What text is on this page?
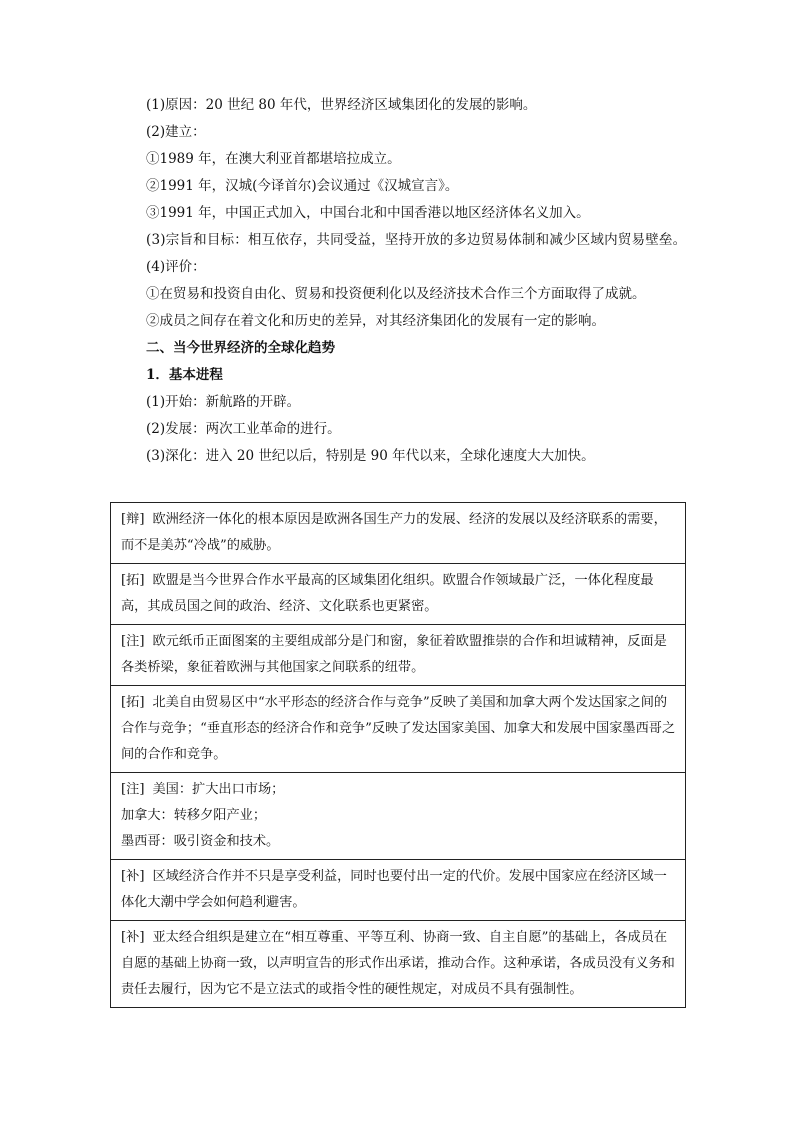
(1)原因：20 世纪 80 年代，世界经济区域集团化的发展的影响。

(2)建立：

①1989 年，在澳大利亚首都堪培拉成立。

②1991 年，汉城(今译首尔)会议通过《汉城宣言》。

③1991 年，中国正式加入，中国台北和中国香港以地区经济体名义加入。

(3)宗旨和目标：相互依存，共同受益，坚持开放的多边贸易体制和减少区域内贸易壁垒。

(4)评价：

①在贸易和投资自由化、贸易和投资便利化以及经济技术合作三个方面取得了成就。

②成员之间存在着文化和历史的差异，对其经济集团化的发展有一定的影响。

二、当今世界经济的全球化趋势

1．基本进程

(1)开始：新航路的开辟。

(2)发展：两次工业革命的进行。

(3)深化：进入 20 世纪以后，特别是 90 年代以来，全球化速度大大加快。

[辩] 欧洲经济一体化的根本原因是欧洲各国生产力的发展、经济的发展以及经济联系的需要，而不是美苏“冷战”的威胁。
[拓] 欧盟是当今世界合作水平最高的区域集团化组织。欧盟合作领域最广泛，一体化程度最高，其成员国之间的政治、经济、文化联系也更紧密。
[注] 欧元纸币正面图案的主要组成部分是门和窗，象征着欧盟推崇的合作和坦诚精神，反面是各类桥梁，象征着欧洲与其他国家之间联系的纽带。
[拓] 北美自由贸易区中“水平形态的经济合作与竞争”反映了美国和加拿大两个发达国家之间的合作与竞争；“垂直形态的经济合作和竞争”反映了发达国家美国、加拿大和发展中国家墨西哥之间的合作和竞争。
[注] 美国：扩大出口市场；
加拿大：转移夕阳产业；
墨西哥：吸引资金和技术。
[补] 区域经济合作并不只是享受利益，同时也要付出一定的代价。发展中国家应在经济区域一体化大潮中学会如何趋利避害。
[补] 亚太经合组织是建立在“相互尊重、平等互利、协商一致、自主自愿”的基础上，各成员在自愿的基础上协商一致，以声明宣告的形式作出承诺，推动合作。这种承诺，各成员没有义务和责任去履行，因为它不是立法式的或指令性的硬性规定，对成员不具有强制性。
